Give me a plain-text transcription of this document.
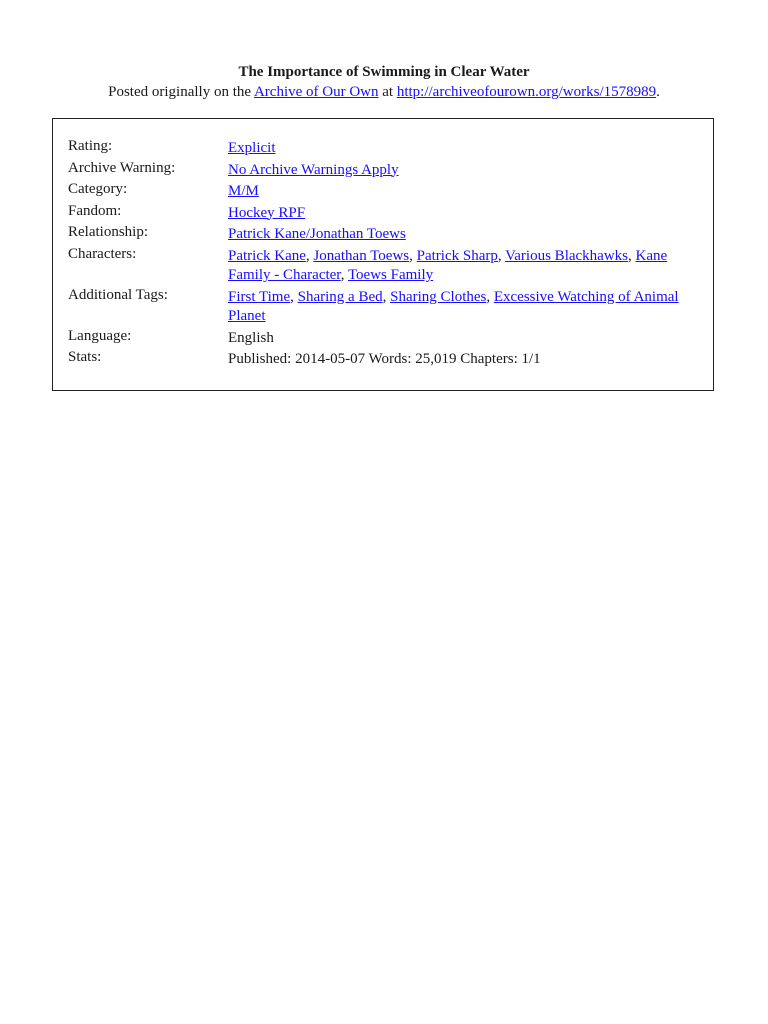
The Importance of Swimming in Clear Water

Posted originally on the Archive of Our Own at http://archiveofourown.org/works/1578989.

Rating:	Explicit
Archive Warning:	No Archive Warnings Apply
Category:	M/M
Fandom:	Hockey RPF
Relationship:	Patrick Kane/Jonathan Toews
Characters:	Patrick Kane, Jonathan Toews, Patrick Sharp, Various Blackhawks, Kane Family - Character, Toews Family
Additional Tags:	First Time, Sharing a Bed, Sharing Clothes, Excessive Watching of Animal Planet
Language:	English
Stats:	Published: 2014-05-07 Words: 25,019 Chapters: 1/1
